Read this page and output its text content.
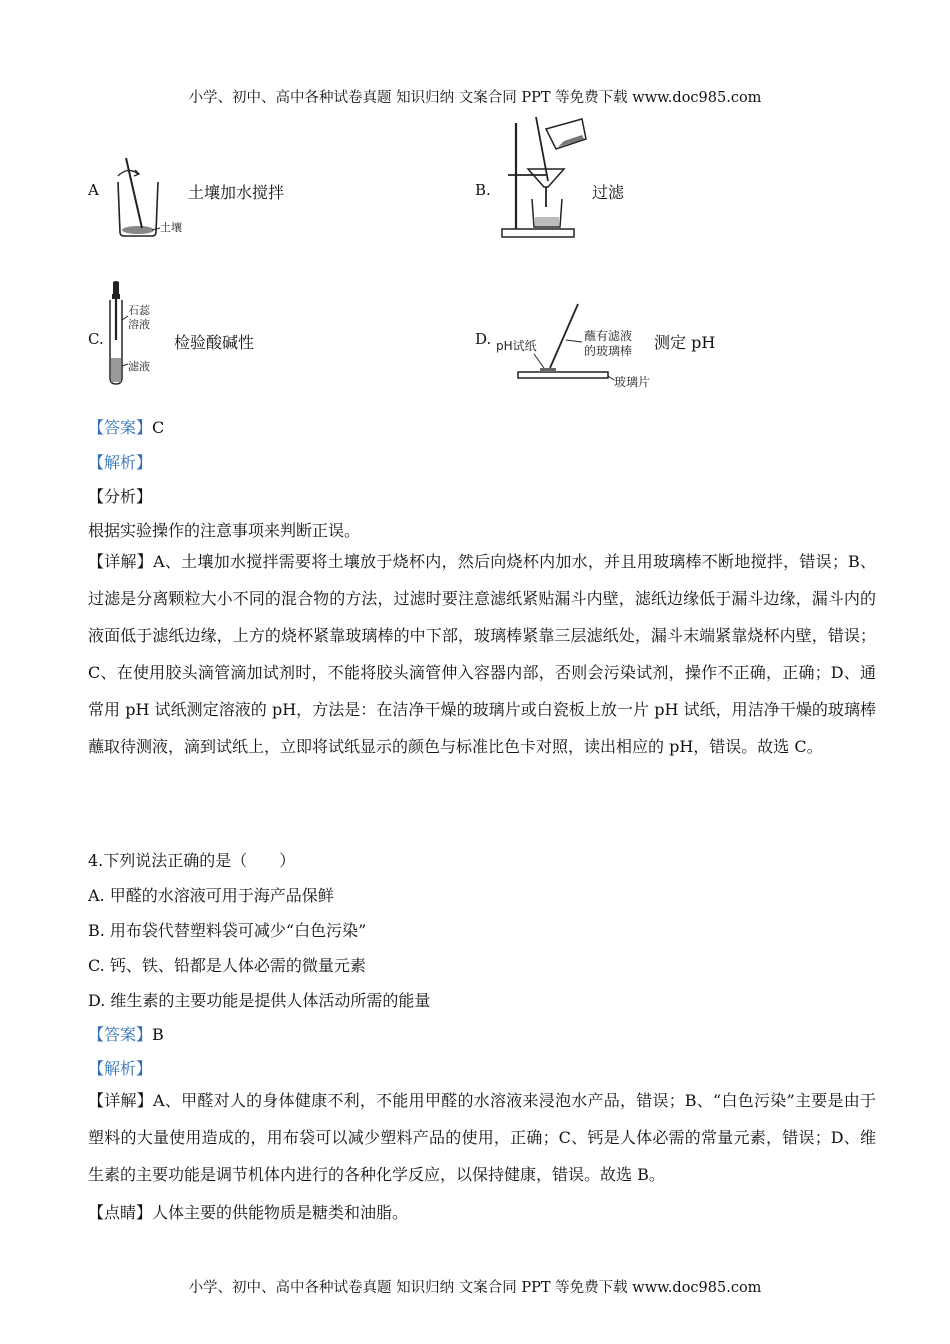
小学、初中、高中各种试卷真题 知识归纳 文案合同 PPT 等免费下载 www.doc985.com
A
土壤
土壤加水搅拌	B.	过滤
C.
石蕊
溶液
滤液
检验酸碱性	D. pH试纸
蘸有滤液
的玻璃棒
玻璃片
测定 pH
【答案】C
【解析】
【分析】
根据实验操作的注意事项来判断正误。
【详解】A、土壤加水搅拌需要将土壤放于烧杯内，然后向烧杯内加水，并且用玻璃棒不断地搅拌，错误；B、过滤是分离颗粒大小不同的混合物的方法，过滤时要注意滤纸紧贴漏斗内壁，滤纸边缘低于漏斗边缘，漏斗内的液面低于滤纸边缘，上方的烧杯紧靠玻璃棒的中下部，玻璃棒紧靠三层滤纸处，漏斗末端紧靠烧杯内壁，错误；C、在使用胶头滴管滴加试剂时，不能将胶头滴管伸入容器内部，否则会污染试剂，操作不正确，正确；D、通常用 pH 试纸测定溶液的 pH，方法是：在洁净干燥的玻璃片或白瓷板上放一片 pH 试纸，用洁净干燥的玻璃棒蘸取待测液，滴到试纸上，立即将试纸显示的颜色与标准比色卡对照，读出相应的 pH，错误。故选 C。
4.下列说法正确的是（　　）
A. 甲醛的水溶液可用于海产品保鲜
B. 用布袋代替塑料袋可减少“白色污染”
C. 钙、铁、铅都是人体必需的微量元素
D. 维生素的主要功能是提供人体活动所需的能量
【答案】B
【解析】
【详解】A、甲醛对人的身体健康不利，不能用甲醛的水溶液来浸泡水产品，错误；B、“白色污染”主要是由于塑料的大量使用造成的，用布袋可以减少塑料产品的使用，正确；C、钙是人体必需的常量元素，错误；D、维生素的主要功能是调节机体内进行的各种化学反应，以保持健康，错误。故选 B。
【点睛】人体主要的供能物质是糖类和油脂。
小学、初中、高中各种试卷真题 知识归纳 文案合同 PPT 等免费下载 www.doc985.com
